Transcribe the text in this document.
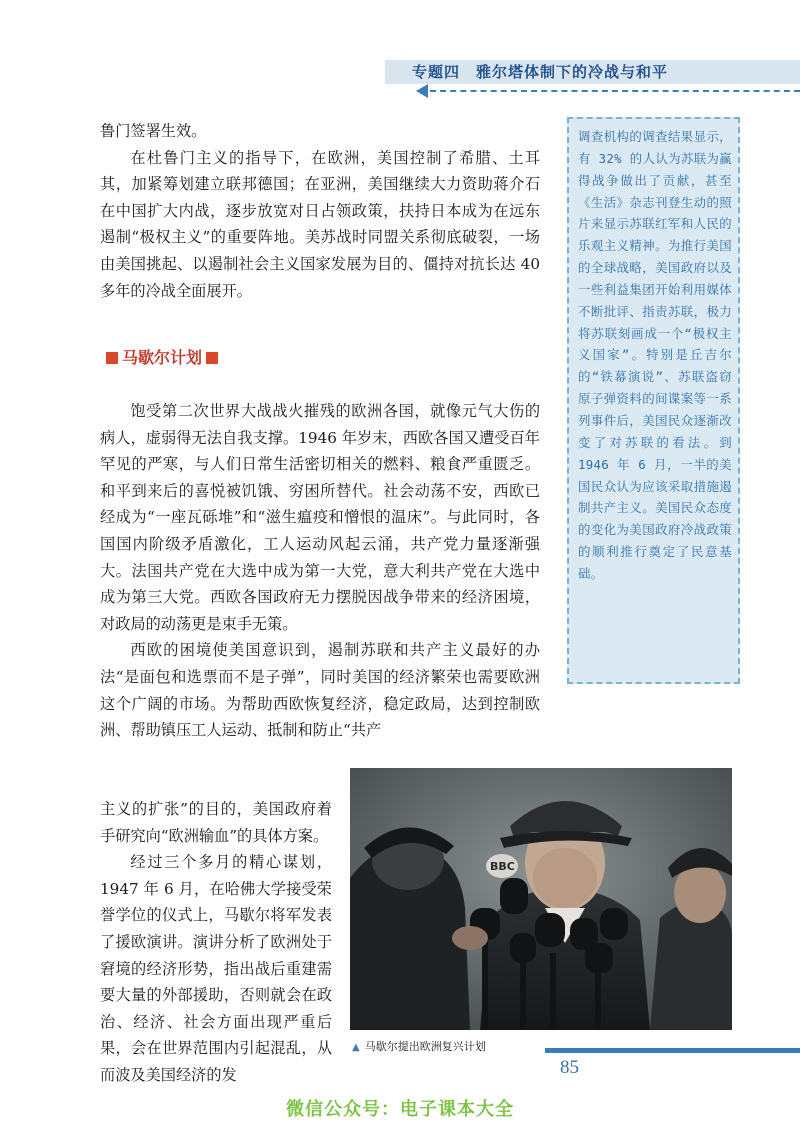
专题四　雅尔塔体制下的冷战与和平

鲁门签署生效。

在杜鲁门主义的指导下，在欧洲，美国控制了希腊、土耳其，加紧筹划建立联邦德国；在亚洲，美国继续大力资助蒋介石在中国扩大内战，逐步放宽对日占领政策，扶持日本成为在远东遏制“极权主义”的重要阵地。美苏战时同盟关系彻底破裂，一场由美国挑起、以遏制社会主义国家发展为目的、僵持对抗长达 40 多年的冷战全面展开。

马歇尔计划

饱受第二次世界大战战火摧残的欧洲各国，就像元气大伤的病人，虚弱得无法自我支撑。1946 年岁末，西欧各国又遭受百年罕见的严寒，与人们日常生活密切相关的燃料、粮食严重匮乏。和平到来后的喜悦被饥饿、穷困所替代。社会动荡不安，西欧已经成为“一座瓦砾堆”和“滋生瘟疫和憎恨的温床”。与此同时，各国国内阶级矛盾激化，工人运动风起云涌，共产党力量逐渐强大。法国共产党在大选中成为第一大党，意大利共产党在大选中成为第三大党。西欧各国政府无力摆脱因战争带来的经济困境，对政局的动荡更是束手无策。

西欧的困境使美国意识到，遏制苏联和共产主义最好的办法“是面包和选票而不是子弹”，同时美国的经济繁荣也需要欧洲这个广阔的市场。为帮助西欧恢复经济，稳定政局，达到控制欧洲、帮助镇压工人运动、抵制和防止“共产

主义的扩张”的目的，美国政府着手研究向“欧洲输血”的具体方案。

经过三个多月的精心谋划，1947 年 6 月，在哈佛大学接受荣誉学位的仪式上，马歇尔将军发表了援欧演讲。演讲分析了欧洲处于窘境的经济形势，指出战后重建需要大量的外部援助，否则就会在政治、经济、社会方面出现严重后果，会在世界范围内引起混乱，从而波及美国经济的发

调查机构的调查结果显示，有 32% 的人认为苏联为赢得战争做出了贡献，甚至《生活》杂志刊登生动的照片来显示苏联红军和人民的乐观主义精神。为推行美国的全球战略，美国政府以及一些利益集团开始利用媒体不断批评、指责苏联，极力将苏联刻画成一个“极权主义国家”。特别是丘吉尔的“铁幕演说”、苏联盗窃原子弹资料的间谍案等一系列事件后，美国民众逐渐改变了对苏联的看法。到 1946 年 6 月，一半的美国民众认为应该采取措施遏制共产主义。美国民众态度的变化为美国政府冷战政策的顺利推行奠定了民意基础。
BBC
▲ 马歇尔提出欧洲复兴计划
85
微信公众号：电子课本大全
